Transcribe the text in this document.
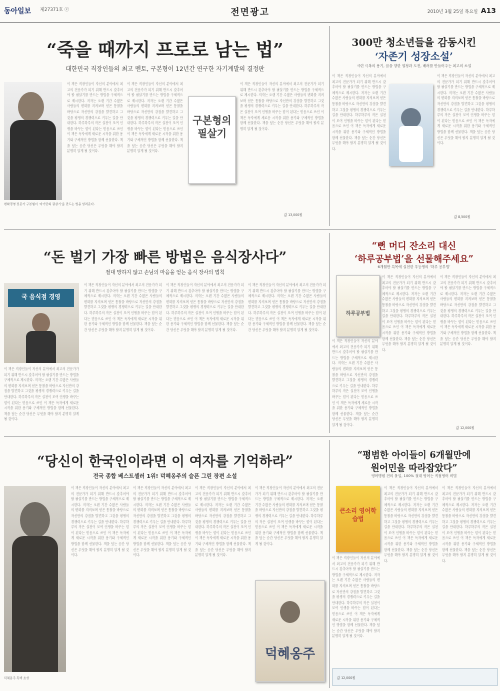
동아일보 제27371호 ⓒ	전면광고	2010년 3월 25일 목요일 A13
“죽을 때까지 프로로 남는 법”
대한민국 직장인들의 최고 멘토, 구본형이 12년간 연구한 자기계발의 결정판
변화경영 전문가 구본형이 ‘자기만의 필살기’를 만드는 법을 알려준다.
이 책은 직장인들이 자신의 분야에서 최고의 전문가가 되기 위해 반드시 갖추어야 할 필살기를 만드는 방법을 구체적으로 제시한다. 저자는 오랜 기간 수많은 사람들의 변화를 지켜보며 얻은 통찰을 바탕으로 자신만의 강점을 발견하고 그것을 평생의 경쟁력으로 키우는 길을 안내한다. 하루하루의 작은 실천이 모여 인생을 바꾸는 힘이 된다는 믿음으로 쓰인 이 책은 독자에게 새로운 시작을 위한 용기와 구체적인 방법을 함께 선물한다. 책을 덮는 순간 당신은 무엇을 해야 할지 분명히 알게 될 것이다.
이 책은 직장인들이 자신의 분야에서 최고의 전문가가 되기 위해 반드시 갖추어야 할 필살기를 만드는 방법을 구체적으로 제시한다. 저자는 오랜 기간 수많은 사람들의 변화를 지켜보며 얻은 통찰을 바탕으로 자신만의 강점을 발견하고 그것을 평생의 경쟁력으로 키우는 길을 안내한다. 하루하루의 작은 실천이 모여 인생을 바꾸는 힘이 된다는 믿음으로 쓰인 이 책은 독자에게 새로운 시작을 위한 용기와 구체적인 방법을 함께 선물한다. 책을 덮는 순간 당신은 무엇을 해야 할지 분명히 알게 될 것이다.
구본형의 필살기
이 책은 직장인들이 자신의 분야에서 최고의 전문가가 되기 위해 반드시 갖추어야 할 필살기를 만드는 방법을 구체적으로 제시한다. 저자는 오랜 기간 수많은 사람들의 변화를 지켜보며 얻은 통찰을 바탕으로 자신만의 강점을 발견하고 그것을 평생의 경쟁력으로 키우는 길을 안내한다. 하루하루의 작은 실천이 모여 인생을 바꾸는 힘이 된다는 믿음으로 쓰인 이 책은 독자에게 새로운 시작을 위한 용기와 구체적인 방법을 함께 선물한다. 책을 덮는 순간 당신은 무엇을 해야 할지 분명히 알게 될 것이다.
값 13,000원
300만 청소년들을 감동시킨
‘자존기 성장소설’
시련 극복의 용기, 꿈을 향한 열정과 도전, 배려를 만들어주는 최고의 소설
이 책은 직장인들이 자신의 분야에서 최고의 전문가가 되기 위해 반드시 갖추어야 할 필살기를 만드는 방법을 구체적으로 제시한다. 저자는 오랜 기간 수많은 사람들의 변화를 지켜보며 얻은 통찰을 바탕으로 자신만의 강점을 발견하고 그것을 평생의 경쟁력으로 키우는 길을 안내한다. 하루하루의 작은 실천이 모여 인생을 바꾸는 힘이 된다는 믿음으로 쓰인 이 책은 독자에게 새로운 시작을 위한 용기와 구체적인 방법을 함께 선물한다. 책을 덮는 순간 당신은 무엇을 해야 할지 분명히 알게 될 것이다.
이 책은 직장인들이 자신의 분야에서 최고의 전문가가 되기 위해 반드시 갖추어야 할 필살기를 만드는 방법을 구체적으로 제시한다. 저자는 오랜 기간 수많은 사람들의 변화를 지켜보며 얻은 통찰을 바탕으로 자신만의 강점을 발견하고 그것을 평생의 경쟁력으로 키우는 길을 안내한다. 하루하루의 작은 실천이 모여 인생을 바꾸는 힘이 된다는 믿음으로 쓰인 이 책은 독자에게 새로운 시작을 위한 용기와 구체적인 방법을 함께 선물한다. 책을 덮는 순간 당신은 무엇을 해야 할지 분명히 알게 될 것이다.
값 8,500원
“돈 벌기 가장 빠른 방법은 음식장사다”
절대 망하지 않고 손님의 마음을 얻는 음식 장사의 법칙
국 음식점 경영
이 책은 직장인들이 자신의 분야에서 최고의 전문가가 되기 위해 반드시 갖추어야 할 필살기를 만드는 방법을 구체적으로 제시한다. 저자는 오랜 기간 수많은 사람들의 변화를 지켜보며 얻은 통찰을 바탕으로 자신만의 강점을 발견하고 그것을 평생의 경쟁력으로 키우는 길을 안내한다. 하루하루의 작은 실천이 모여 인생을 바꾸는 힘이 된다는 믿음으로 쓰인 이 책은 독자에게 새로운 시작을 위한 용기와 구체적인 방법을 함께 선물한다. 책을 덮는 순간 당신은 무엇을 해야 할지 분명히 알게 될 것이다.
이 책은 직장인들이 자신의 분야에서 최고의 전문가가 되기 위해 반드시 갖추어야 할 필살기를 만드는 방법을 구체적으로 제시한다. 저자는 오랜 기간 수많은 사람들의 변화를 지켜보며 얻은 통찰을 바탕으로 자신만의 강점을 발견하고 그것을 평생의 경쟁력으로 키우는 길을 안내한다. 하루하루의 작은 실천이 모여 인생을 바꾸는 힘이 된다는 믿음으로 쓰인 이 책은 독자에게 새로운 시작을 위한 용기와 구체적인 방법을 함께 선물한다. 책을 덮는 순간 당신은 무엇을 해야 할지 분명히 알게 될 것이다.
이 책은 직장인들이 자신의 분야에서 최고의 전문가가 되기 위해 반드시 갖추어야 할 필살기를 만드는 방법을 구체적으로 제시한다. 저자는 오랜 기간 수많은 사람들의 변화를 지켜보며 얻은 통찰을 바탕으로 자신만의 강점을 발견하고 그것을 평생의 경쟁력으로 키우는 길을 안내한다. 하루하루의 작은 실천이 모여 인생을 바꾸는 힘이 된다는 믿음으로 쓰인 이 책은 독자에게 새로운 시작을 위한 용기와 구체적인 방법을 함께 선물한다. 책을 덮는 순간 당신은 무엇을 해야 할지 분명히 알게 될 것이다.
이 책은 직장인들이 자신의 분야에서 최고의 전문가가 되기 위해 반드시 갖추어야 할 필살기를 만드는 방법을 구체적으로 제시한다. 저자는 오랜 기간 수많은 사람들의 변화를 지켜보며 얻은 통찰을 바탕으로 자신만의 강점을 발견하고 그것을 평생의 경쟁력으로 키우는 길을 안내한다. 하루하루의 작은 실천이 모여 인생을 바꾸는 힘이 된다는 믿음으로 쓰인 이 책은 독자에게 새로운 시작을 위한 용기와 구체적인 방법을 함께 선물한다. 책을 덮는 순간 당신은 무엇을 해야 할지 분명히 알게 될 것이다.
“뻔 머디 잔소리 대신
‘하루공부법’을 선물해주세요”
6개월만 특목에 실천한 우등생의 ‘하루 공부법’
하루공부법
이 책은 직장인들이 자신의 분야에서 최고의 전문가가 되기 위해 반드시 갖추어야 할 필살기를 만드는 방법을 구체적으로 제시한다. 저자는 오랜 기간 수많은 사람들의 변화를 지켜보며 얻은 통찰을 바탕으로 자신만의 강점을 발견하고 그것을 평생의 경쟁력으로 키우는 길을 안내한다. 하루하루의 작은 실천이 모여 인생을 바꾸는 힘이 된다는 믿음으로 쓰인 이 책은 독자에게 새로운 시작을 위한 용기와 구체적인 방법을 함께 선물한다. 책을 덮는 순간 당신은 무엇을 해야 할지 분명히 알게 될 것이다.
이 책은 직장인들이 자신의 분야에서 최고의 전문가가 되기 위해 반드시 갖추어야 할 필살기를 만드는 방법을 구체적으로 제시한다. 저자는 오랜 기간 수많은 사람들의 변화를 지켜보며 얻은 통찰을 바탕으로 자신만의 강점을 발견하고 그것을 평생의 경쟁력으로 키우는 길을 안내한다. 하루하루의 작은 실천이 모여 인생을 바꾸는 힘이 된다는 믿음으로 쓰인 이 책은 독자에게 새로운 시작을 위한 용기와 구체적인 방법을 함께 선물한다. 책을 덮는 순간 당신은 무엇을 해야 할지 분명히 알게 될 것이다.
이 책은 직장인들이 자신의 분야에서 최고의 전문가가 되기 위해 반드시 갖추어야 할 필살기를 만드는 방법을 구체적으로 제시한다. 저자는 오랜 기간 수많은 사람들의 변화를 지켜보며 얻은 통찰을 바탕으로 자신만의 강점을 발견하고 그것을 평생의 경쟁력으로 키우는 길을 안내한다. 하루하루의 작은 실천이 모여 인생을 바꾸는 힘이 된다는 믿음으로 쓰인 이 책은 독자에게 새로운 시작을 위한 용기와 구체적인 방법을 함께 선물한다. 책을 덮는 순간 당신은 무엇을 해야 할지 분명히 알게 될 것이다.
값 12,000원
“당신이 한국인이라면 이 여자를 기억하라”
전국 종합 베스트셀러 1위! 덕혜옹주의 슬픈 그린 장편 소설
덕혜옹주 흑백 초상
이 책은 직장인들이 자신의 분야에서 최고의 전문가가 되기 위해 반드시 갖추어야 할 필살기를 만드는 방법을 구체적으로 제시한다. 저자는 오랜 기간 수많은 사람들의 변화를 지켜보며 얻은 통찰을 바탕으로 자신만의 강점을 발견하고 그것을 평생의 경쟁력으로 키우는 길을 안내한다. 하루하루의 작은 실천이 모여 인생을 바꾸는 힘이 된다는 믿음으로 쓰인 이 책은 독자에게 새로운 시작을 위한 용기와 구체적인 방법을 함께 선물한다. 책을 덮는 순간 당신은 무엇을 해야 할지 분명히 알게 될 것이다.
이 책은 직장인들이 자신의 분야에서 최고의 전문가가 되기 위해 반드시 갖추어야 할 필살기를 만드는 방법을 구체적으로 제시한다. 저자는 오랜 기간 수많은 사람들의 변화를 지켜보며 얻은 통찰을 바탕으로 자신만의 강점을 발견하고 그것을 평생의 경쟁력으로 키우는 길을 안내한다. 하루하루의 작은 실천이 모여 인생을 바꾸는 힘이 된다는 믿음으로 쓰인 이 책은 독자에게 새로운 시작을 위한 용기와 구체적인 방법을 함께 선물한다. 책을 덮는 순간 당신은 무엇을 해야 할지 분명히 알게 될 것이다.
이 책은 직장인들이 자신의 분야에서 최고의 전문가가 되기 위해 반드시 갖추어야 할 필살기를 만드는 방법을 구체적으로 제시한다. 저자는 오랜 기간 수많은 사람들의 변화를 지켜보며 얻은 통찰을 바탕으로 자신만의 강점을 발견하고 그것을 평생의 경쟁력으로 키우는 길을 안내한다. 하루하루의 작은 실천이 모여 인생을 바꾸는 힘이 된다는 믿음으로 쓰인 이 책은 독자에게 새로운 시작을 위한 용기와 구체적인 방법을 함께 선물한다. 책을 덮는 순간 당신은 무엇을 해야 할지 분명히 알게 될 것이다.
덕혜옹주
이 책은 직장인들이 자신의 분야에서 최고의 전문가가 되기 위해 반드시 갖추어야 할 필살기를 만드는 방법을 구체적으로 제시한다. 저자는 오랜 기간 수많은 사람들의 변화를 지켜보며 얻은 통찰을 바탕으로 자신만의 강점을 발견하고 그것을 평생의 경쟁력으로 키우는 길을 안내한다. 하루하루의 작은 실천이 모여 인생을 바꾸는 힘이 된다는 믿음으로 쓰인 이 책은 독자에게 새로운 시작을 위한 용기와 구체적인 방법을 함께 선물한다. 책을 덮는 순간 당신은 무엇을 해야 할지 분명히 알게 될 것이다.
“평범한 아이들이 6개월만에
원어민을 따라잡았다”
영어병원 전의 몰입, 100% 절대 영어는 직접영어 비법
큰소리 영어학습법
이 책은 직장인들이 자신의 분야에서 최고의 전문가가 되기 위해 반드시 갖추어야 할 필살기를 만드는 방법을 구체적으로 제시한다. 저자는 오랜 기간 수많은 사람들의 변화를 지켜보며 얻은 통찰을 바탕으로 자신만의 강점을 발견하고 그것을 평생의 경쟁력으로 키우는 길을 안내한다. 하루하루의 작은 실천이 모여 인생을 바꾸는 힘이 된다는 믿음으로 쓰인 이 책은 독자에게 새로운 시작을 위한 용기와 구체적인 방법을 함께 선물한다. 책을 덮는 순간 당신은 무엇을 해야 할지 분명히 알게 될 것이다.
이 책은 직장인들이 자신의 분야에서 최고의 전문가가 되기 위해 반드시 갖추어야 할 필살기를 만드는 방법을 구체적으로 제시한다. 저자는 오랜 기간 수많은 사람들의 변화를 지켜보며 얻은 통찰을 바탕으로 자신만의 강점을 발견하고 그것을 평생의 경쟁력으로 키우는 길을 안내한다. 하루하루의 작은 실천이 모여 인생을 바꾸는 힘이 된다는 믿음으로 쓰인 이 책은 독자에게 새로운 시작을 위한 용기와 구체적인 방법을 함께 선물한다. 책을 덮는 순간 당신은 무엇을 해야 할지 분명히 알게 될 것이다.
이 책은 직장인들이 자신의 분야에서 최고의 전문가가 되기 위해 반드시 갖추어야 할 필살기를 만드는 방법을 구체적으로 제시한다. 저자는 오랜 기간 수많은 사람들의 변화를 지켜보며 얻은 통찰을 바탕으로 자신만의 강점을 발견하고 그것을 평생의 경쟁력으로 키우는 길을 안내한다. 하루하루의 작은 실천이 모여 인생을 바꾸는 힘이 된다는 믿음으로 쓰인 이 책은 독자에게 새로운 시작을 위한 용기와 구체적인 방법을 함께 선물한다. 책을 덮는 순간 당신은 무엇을 해야 할지 분명히 알게 될 것이다.
값 12,000원
